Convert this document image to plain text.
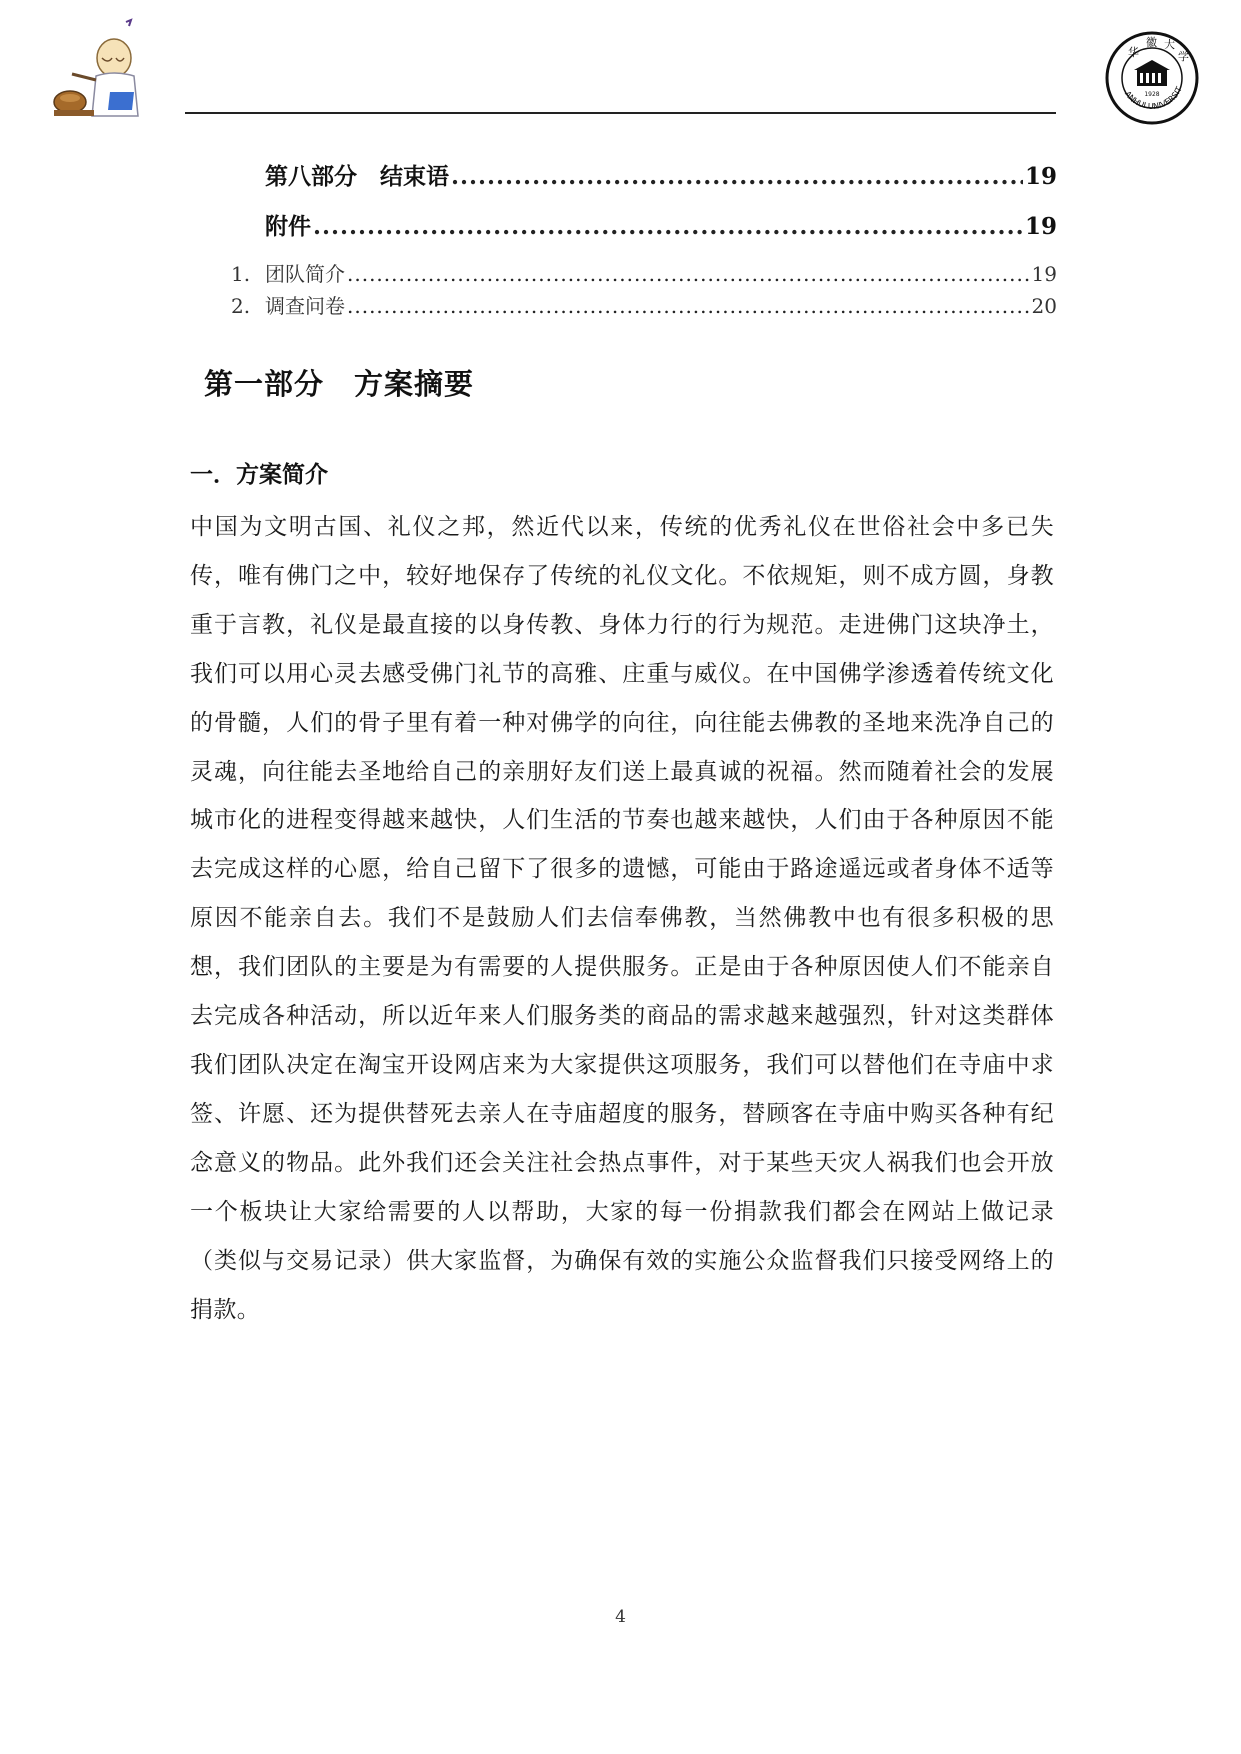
华
徽 大
学
1928
ANHUI UNIVERSIT
第八部分　结束语 .....	19
附件 .....	19
1. 团队简介 .....	19
2. 调查问卷 .....	20
第一部分　方案摘要
一．方案简介
中国为文明古国、礼仪之邦，然近代以来，传统的优秀礼仪在世俗社会中多已失传，唯有佛门之中，较好地保存了传统的礼仪文化。不依规矩，则不成方圆，身教重于言教，礼仪是最直接的以身传教、身体力行的行为规范。走进佛门这块净土，我们可以用心灵去感受佛门礼节的高雅、庄重与威仪。在中国佛学渗透着传统文化的骨髓，人们的骨子里有着一种对佛学的向往，向往能去佛教的圣地来洗净自己的灵魂，向往能去圣地给自己的亲朋好友们送上最真诚的祝福。然而随着社会的发展城市化的进程变得越来越快，人们生活的节奏也越来越快，人们由于各种原因不能去完成这样的心愿，给自己留下了很多的遗憾，可能由于路途遥远或者身体不适等原因不能亲自去。我们不是鼓励人们去信奉佛教，当然佛教中也有很多积极的思想，我们团队的主要是为有需要的人提供服务。正是由于各种原因使人们不能亲自去完成各种活动，所以近年来人们服务类的商品的需求越来越强烈，针对这类群体我们团队决定在淘宝开设网店来为大家提供这项服务，我们可以替他们在寺庙中求签、许愿、还为提供替死去亲人在寺庙超度的服务，替顾客在寺庙中购买各种有纪念意义的物品。此外我们还会关注社会热点事件，对于某些天灾人祸我们也会开放一个板块让大家给需要的人以帮助，大家的每一份捐款我们都会在网站上做记录（类似与交易记录）供大家监督，为确保有效的实施公众监督我们只接受网络上的捐款。
4
